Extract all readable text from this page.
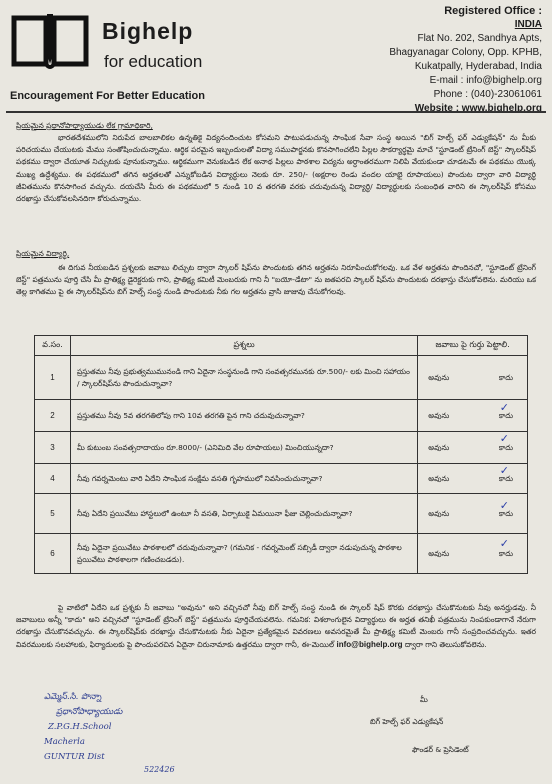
Bighelp
for education
Encouragement For Better Education
Registered Office :
INDIA
Flat No. 202, Sandhya Apts,
Bhagyanagar Colony, Opp. KPHB,
Kukatpally, Hyderabad, India
E-mail : info@bighelp.org
Phone : (040)-23061061
Website : www.bighelp.org
ప్రియమైన ప్రధానోపాధ్యాయుడు లేక గ్రామాధికారి,
భారతదేశములోని నిరుపేద బాలబాలికల ఉన్నతికై విద్యనందించుట కోసమని పాటుపడుచున్న సాంఘిక సేవా సంస్థ అయిన "బిగ్ హెల్ప్ ఫర్ ఎడ్యుకేషన్" ను మీకు పరిచయము చేయుటకు మేము సంతోషించుచున్నాము. ఆర్థిక పరమైన ఇబ్బందులతో విద్యా సముపార్జనకు కొనసాగించలేని పిల్లల సౌకర్యార్థమై మాచే "స్టూడెంట్ ట్రేనింగ్ బెస్ట్" స్కాలర్‌షిప్ పథకము ద్వారా చేయూత నిచ్చుటకు పూనుకున్నాము. ఆర్థికముగా వెనుకబడిన లేక అనాథ పిల్లలు పాఠశాల విద్యను అర్ధాంతరముగా నిలిపి వేయకుండా చూడటమే ఈ పథకము యొక్క ముఖ్య ఉద్దేశ్యము. ఈ పథకములో తగిన అర్హతలతో ఎన్నుకోబడిన విద్యార్థులు నెలకు రూ. 250/- (అక్షరాల రెండు వందల యాభై రూపాయలు) పొందుట ద్వారా వారి విద్యార్థి జీవితమును కొనసాగించ వచ్చును. దయచేసి మీరు ఈ పథకములో 5 నుండి 10 వ తరగతి వరకు చదువుచున్న విద్యార్థి/ విద్యార్థులకు సంబంధిత వారిని ఈ స్కాలర్‌షిప్ కోసము దరఖాస్తు చేసుకోవలసినదిగా కోరుచున్నాము.
ప్రియమైన విద్యార్థి,
ఈ దిగువ నీయబడిన ప్రశ్నలకు జవాబు లిచ్చుట ద్వారా స్కాలర్ షిప్‌ను పొందుటకు తగిన అర్హతను నిరూపించుకోగలవు. ఒక వేళ అర్హతను పొందినచో, "స్టూడెంట్ ట్రేనింగ్ బెస్ట్" పత్రమును పూర్తి చేసి మీ ప్రాతిక్ష్య డైరెక్టరుకు గాని, ప్రాతిక్ష్య కమిటీ మెంబరుకు గాని నీ "బయో-డేటా" ను జతపరచి స్కాలర్ షిప్‌ను పొందుటకు దరఖాస్తు చేసుకోవలెను. మరియు ఒక తెల్ల కాగితము పై ఈ స్కాలర్‌షిప్‌ను బిగ్ హెల్ప్ సంస్థ నుండి పొందుటకు నీకు గల అర్హతను వ్రాసి జుజువు చేసుకోగలవు.
వ.సం.	ప్రశ్నలు	జవాబు పై గుర్తు పెట్టాలి.
1	ప్రస్తుతము నీవు ప్రభుత్వముమునండి గాని ఏదైనా సంస్థనుండి గాని సంవత్సరమునకు రూ.500/- లకు మించి సహాయం / స్కాలర్‌షిప్‌ను పొందుచున్నావా?	అవును కాదు

2	ప్రస్తుతము నీవు 5వ తరగతిలోపు గాని 10వ తరగతి పైన గాని చదువుచున్నావా?	అవును
✓
కాదు

3	మీ కుటుంబ సంవత్సరాదాయం రూ.8000/- (ఎనిమిది వేల రూపాయలు) మించియున్నదా?	అవును
✓
కాదు

4	నీవు గవర్నమెంటు వారి ఏదేని సాంఘిక సంక్షేమ వసతి గృహములో నివసించుచున్నావా?	అవును
✓
కాదు

5	నీవు ఏదేని ప్రయివేటు హాస్టలులో ఉంటూ నీ వసతి, ఏర్పాటుకై ఏమయినా ఫీజు చెల్లించుచున్నావా?	అవును
✓
కాదు

6	నీవు ఏదైనా ప్రయివేటు పాఠశాలలో చదువుచున్నావా? (గమనిక - గవర్నమెంట్ సబ్సిడీ ద్వారా నడుపుచున్న పాఠశాల ప్రయివేటు పాఠశాలగా గణించబడదు).	అవును
✓
కాదు
పై వాటిలో ఏదేని ఒక ప్రశ్నకు నీ జవాబు "అవును" అని వచ్చినచో నీవు బిగ్ హెల్ప్ సంస్థ నుండి ఈ స్కాలర్ షిప్ కొరకు దరఖాస్తు చేసుకొనుటకు నీవు అనర్హుడవు. నీ జవాబులు అన్నీ "కాదు" అని వచ్చినచో "స్టూడెంట్ ట్రేనింగ్ బెస్ట్" పత్రమును పూర్తిచేయవలెను. గమనిక: విశలాంగులైన విద్యార్థులు ఈ అర్హత తనిఖీ పత్రమును నింపకుండాగానే నేరుగా దరఖాస్తు చేసుకొనవచ్చును. ఈ స్కాలర్‌షిప్‌కు దరఖాస్తు చేసుకొనుటకు నీకు ఏదైనా ప్రత్యేకమైన వివరణలు అవసరమైతే మీ ప్రాతిక్ష్య కమిటీ మెంబరు గానీ సంప్రదించవచ్చును. ఇతర వివరములకు సలహాలకు, ఫిర్యాదులకు పై పొందుపరచిన ఏదైనా చిరునామాకు ఉత్తరము ద్వారా గానీ, ఈ-మెయిల్ info@bighelp.org ద్వారా గాని తెలుసుకోవలెను.
మీ
బిగ్ హెల్ప్ ఫర్ ఎడ్యుకేషన్
ఫౌండర్ & ప్రెసిడెంట్
ఎమ్మెస్.సి. పొన్నా
ప్రధానోపాధ్యాయుడు
Z.P.G.H.School
Macherla
GUNTUR Dist
522426
